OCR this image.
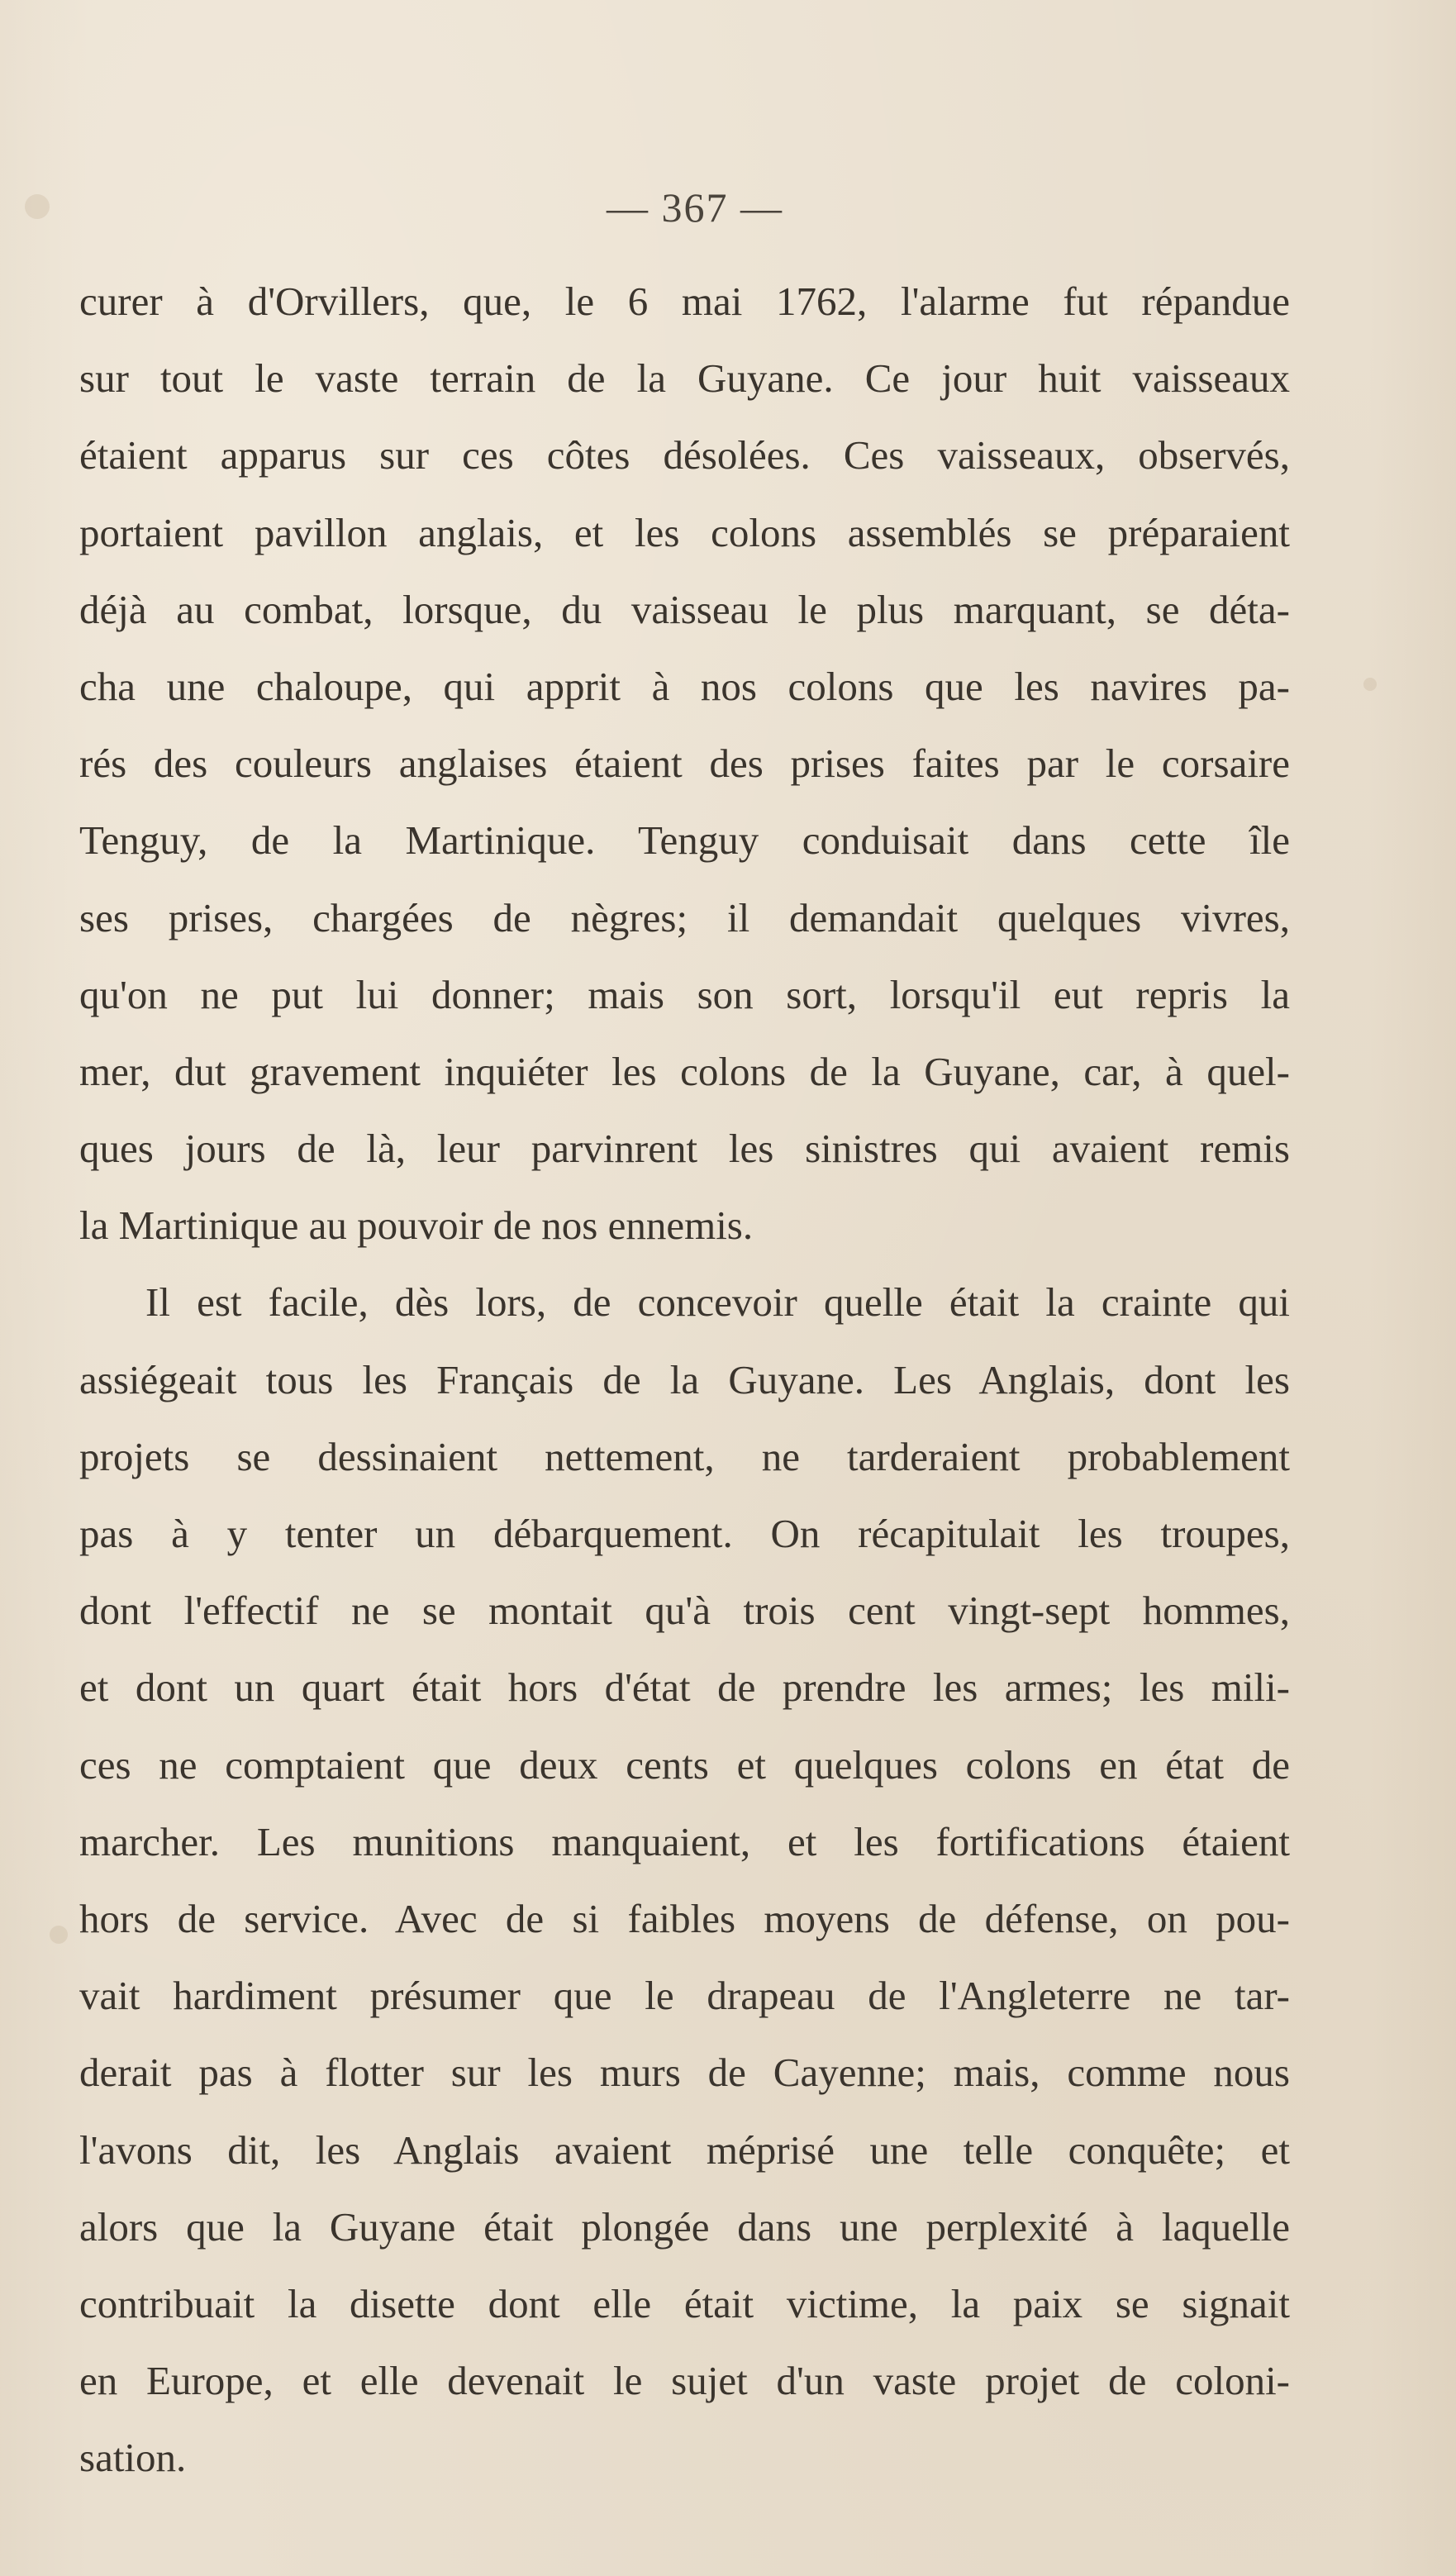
— 367 —
curer à d'Orvillers, que, le 6 mai 1762, l'alarme fut répandue
sur tout le vaste terrain de la Guyane. Ce jour huit vaisseaux
étaient apparus sur ces côtes désolées. Ces vaisseaux, observés,
portaient pavillon anglais, et les colons assemblés se préparaient
déjà au combat, lorsque, du vaisseau le plus marquant, se déta-
cha une chaloupe, qui apprit à nos colons que les navires pa-
rés des couleurs anglaises étaient des prises faites par le corsaire
Tenguy, de la Martinique. Tenguy conduisait dans cette île
ses prises, chargées de nègres; il demandait quelques vivres,
qu'on ne put lui donner; mais son sort, lorsqu'il eut repris la
mer, dut gravement inquiéter les colons de la Guyane, car, à quel-
ques jours de là, leur parvinrent les sinistres qui avaient remis
la Martinique au pouvoir de nos ennemis.
Il est facile, dès lors, de concevoir quelle était la crainte qui
assiégeait tous les Français de la Guyane. Les Anglais, dont les
projets se dessinaient nettement, ne tarderaient probablement
pas à y tenter un débarquement. On récapitulait les troupes,
dont l'effectif ne se montait qu'à trois cent vingt-sept hommes,
et dont un quart était hors d'état de prendre les armes; les mili-
ces ne comptaient que deux cents et quelques colons en état de
marcher. Les munitions manquaient, et les fortifications étaient
hors de service. Avec de si faibles moyens de défense, on pou-
vait hardiment présumer que le drapeau de l'Angleterre ne tar-
derait pas à flotter sur les murs de Cayenne; mais, comme nous
l'avons dit, les Anglais avaient méprisé une telle conquête; et
alors que la Guyane était plongée dans une perplexité à laquelle
contribuait la disette dont elle était victime, la paix se signait
en Europe, et elle devenait le sujet d'un vaste projet de coloni-
sation.
